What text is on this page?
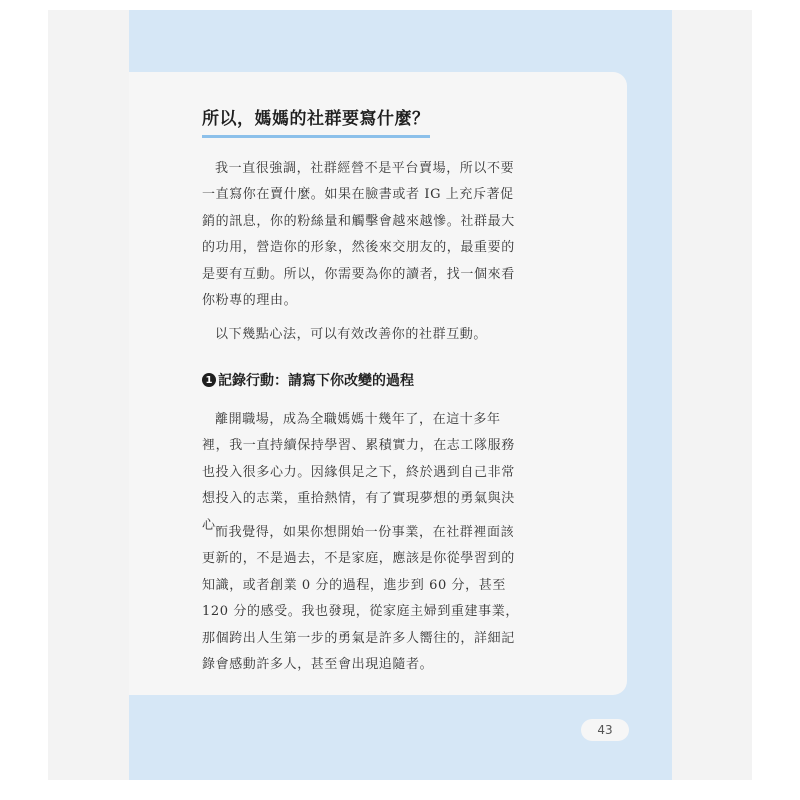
所以，媽媽的社群要寫什麼？

我一直很強調，社群經營不是平台賣場，所以不要一直寫你在賣什麼。如果在臉書或者 IG 上充斥著促銷的訊息，你的粉絲量和觸擊會越來越慘。社群最大的功用，營造你的形象，然後來交朋友的，最重要的是要有互動。所以，你需要為你的讀者，找一個來看你粉專的理由。

以下幾點心法，可以有效改善你的社群互動。

1 記錄行動：請寫下你改變的過程

離開職場，成為全職媽媽十幾年了，在這十多年裡，我一直持續保持學習、累積實力，在志工隊服務也投入很多心力。因緣俱足之下，終於遇到自己非常想投入的志業，重拾熱情，有了實現夢想的勇氣與決心。

而我覺得，如果你想開始一份事業，在社群裡面該更新的，不是過去，不是家庭，應該是你從學習到的知識，或者創業 0 分的過程，進步到 60 分，甚至 120 分的感受。我也發現，從家庭主婦到重建事業，那個跨出人生第一步的勇氣是許多人嚮往的，詳細記錄會感動許多人，甚至會出現追隨者。

43
